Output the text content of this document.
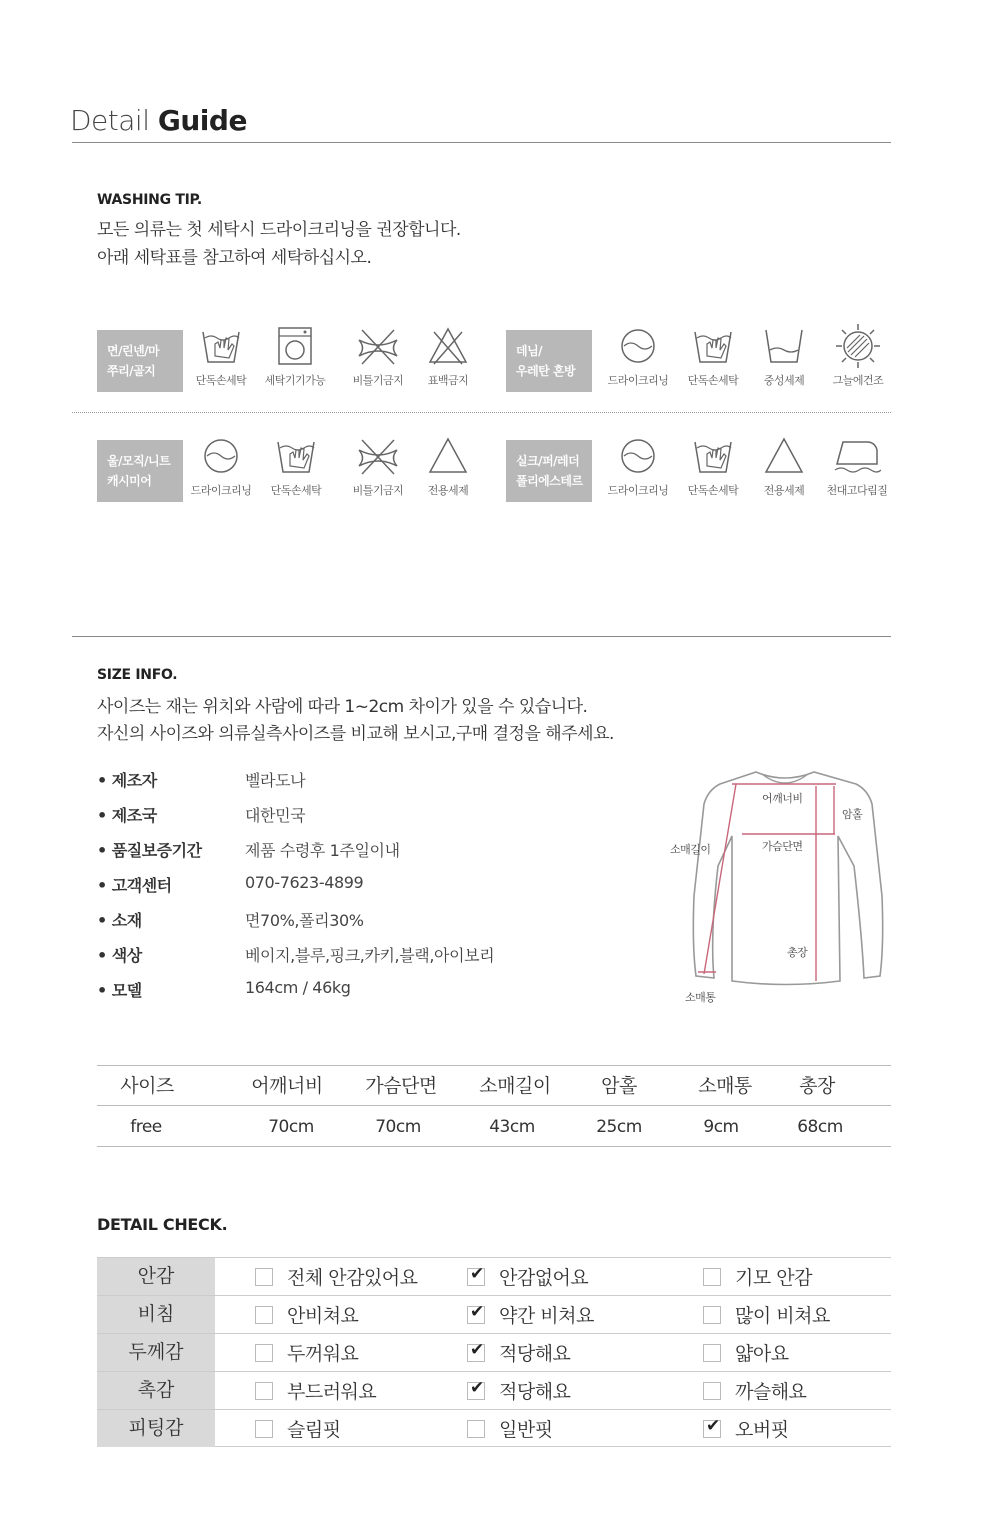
Detail Guide
WASHING TIP.
모든 의류는 첫 세탁시 드라이크리닝을 권장합니다.
아래 세탁표를 참고하여 세탁하십시오.
면/린넨/마
쭈리/골지
단독손세탁	세탁기기가능	비틀기금지	표백금지
데님/
우레탄 혼방
드라이크리닝	단독손세탁	중성세제	그늘에건조
울/모직/니트
캐시미어
드라이크리닝	단독손세탁	비틀기금지	전용세제
실크/퍼/레더
폴리에스테르
드라이크리닝	단독손세탁	전용세제	천대고다림질
SIZE INFO.
사이즈는 재는 위치와 사람에 따라 1~2cm 차이가 있을 수 있습니다.
자신의 사이즈와 의류실측사이즈를 비교해 보시고,구매 결정을 해주세요.
• 제조자	벨라도나
• 제조국	대한민국
• 품질보증기간	제품 수령후 1주일이내
• 고객센터	070-7623-4899
• 소재	면70%,폴리30%
• 색상	베이지,블루,핑크,카키,블랙,아이보리
• 모델	164cm / 46kg
어깨너비
암홀
소매길이	가슴단면
총장
소매통
사이즈	어깨너비	가슴단면	소매길이	암홀	소매통	총장
free	70cm	70cm	43cm	25cm	9cm	68cm
DETAIL CHECK.
안감	전체 안감있어요	✔ 안감없어요	기모 안감
비침	안비쳐요	✔ 약간 비쳐요	많이 비쳐요
두께감	두꺼워요	✔ 적당해요	얇아요
촉감	부드러워요	✔ 적당해요	까슬해요
피팅감	슬림핏	일반핏	✔ 오버핏
